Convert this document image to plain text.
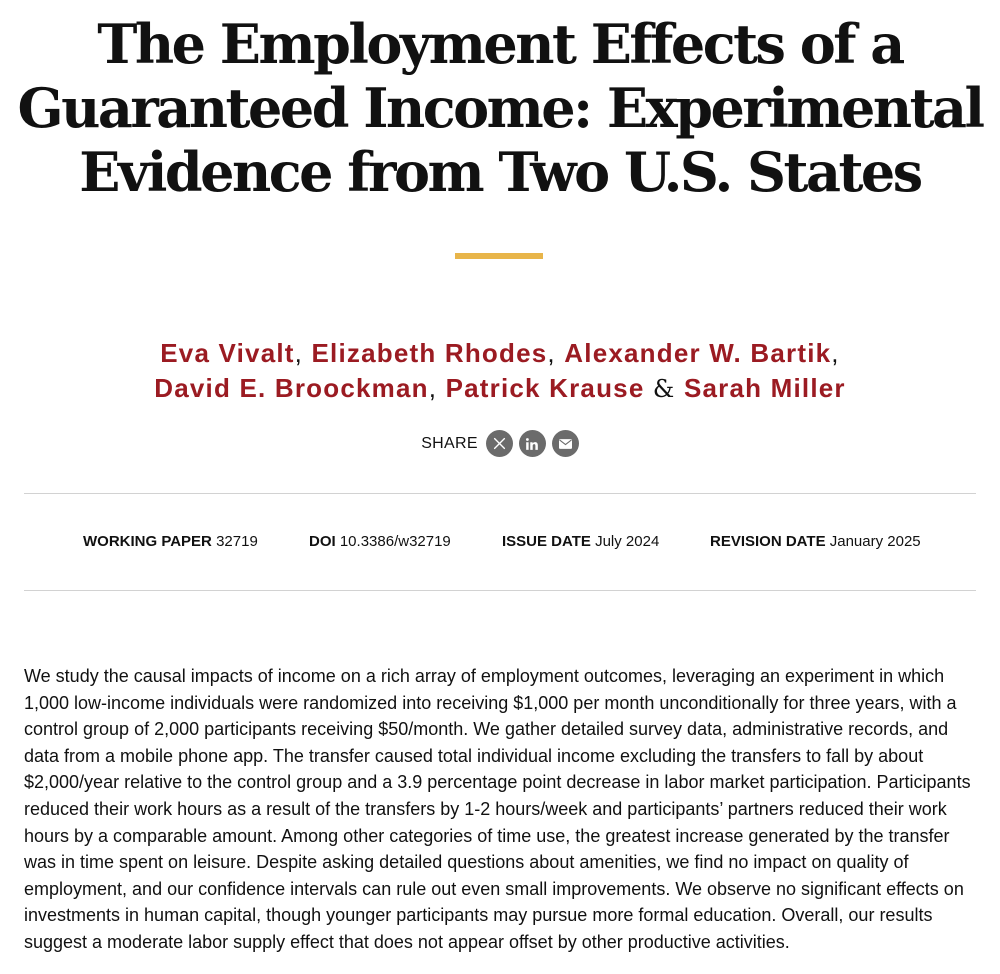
The Employment Effects of a Guaranteed Income: Experimental Evidence from Two U.S. States
Eva Vivalt, Elizabeth Rhodes, Alexander W. Bartik,
David E. Broockman, Patrick Krause & Sarah Miller
SHARE
WORKING PAPER 32719	DOI 10.3386/w32719	ISSUE DATE July 2024	REVISION DATE January 2025

We study the causal impacts of income on a rich array of employment outcomes, leveraging an experiment in which 1,000 low-income individuals were randomized into receiving $1,000 per month unconditionally for three years, with a control group of 2,000 participants receiving $50/month. We gather detailed survey data, administrative records, and data from a mobile phone app. The transfer caused total individual income excluding the transfers to fall by about $2,000/year relative to the control group and a 3.9 percentage point decrease in labor market participation. Participants reduced their work hours as a result of the transfers by 1-2 hours/week and participants’ partners reduced their work hours by a comparable amount. Among other categories of time use, the greatest increase generated by the transfer was in time spent on leisure. Despite asking detailed questions about amenities, we find no impact on quality of employment, and our confidence intervals can rule out even small improvements. We observe no significant effects on investments in human capital, though younger participants may pursue more formal education. Overall, our results suggest a moderate labor supply effect that does not appear offset by other productive activities.
